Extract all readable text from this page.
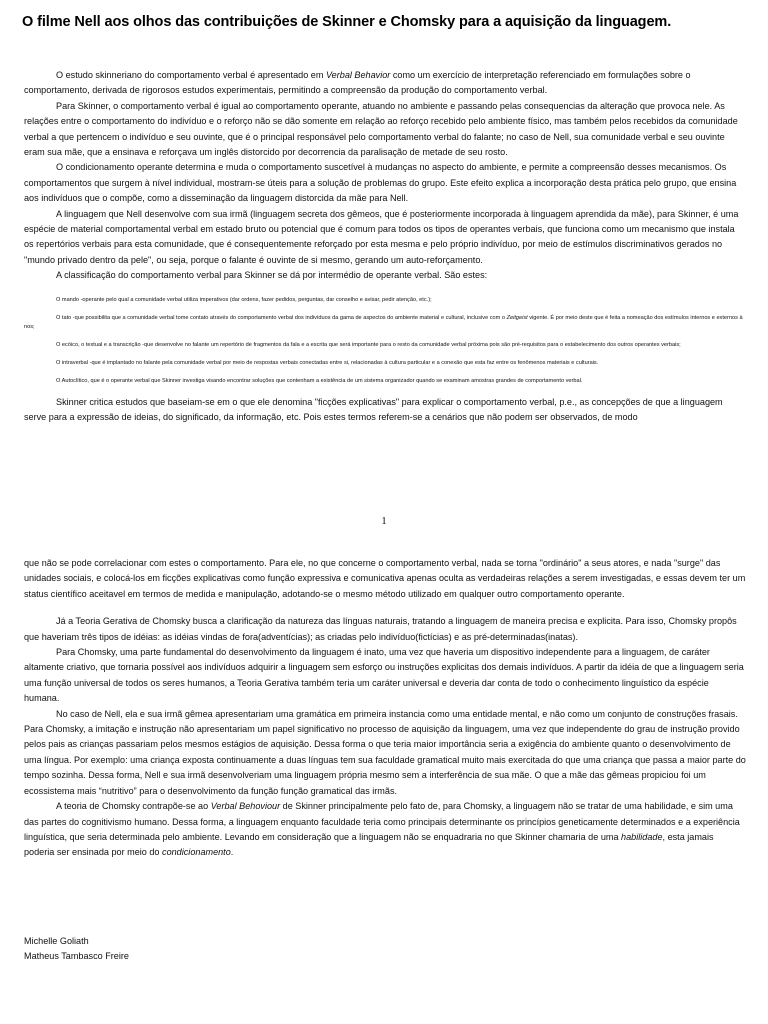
O filme Nell aos olhos das contribuições de Skinner e Chomsky para a aquisição da linguagem.

O estudo skinneriano do comportamento verbal é apresentado em Verbal Behavior como um exercício de interpretação referenciado em formulações sobre o comportamento, derivada de rigorosos estudos experimentais, permitindo a compreensão da produção do comportamento verbal.

Para Skinner, o comportamento verbal é igual ao comportamento operante, atuando no ambiente e passando pelas consequencias da alteração que provoca nele. As relações entre o comportamento do indivíduo e o reforço não se dão somente em relação ao reforço recebido pelo ambiente físico, mas também pelos recebidos da comunidade verbal a que pertencem o indivíduo e seu ouvinte, que é o principal responsável pelo comportamento verbal do falante; no caso de Nell, sua comunidade verbal e seu ouvinte eram sua mãe, que a ensinava e reforçava um inglês distorcido por decorrencia da paralisação de metade de seu rosto.

O condicionamento operante determina e muda o comportamento suscetível à mudanças no aspecto do ambiente, e permite a compreensão desses mecanismos. Os comportamentos que surgem à nível individual, mostram-se úteis para a solução de problemas do grupo. Este efeito explica a incorporação desta prática pelo grupo, que ensina aos indivíduos que o compõe, como a disseminação da linguagem distorcida da mãe para Nell.

A linguagem que Nell desenvolve com sua irmã (linguagem secreta dos gêmeos, que é posteriormente incorporada à linguagem aprendida da mãe), para Skinner, é uma espécie de material comportamental verbal em estado bruto ou potencial que é comum para todos os tipos de operantes verbais, que funciona como um mecanismo que instala os repertórios verbais para esta comunidade, que é consequentemente reforçado por esta mesma e pelo próprio indivíduo, por meio de estímulos discriminativos gerados no "mundo privado dentro da pele", ou seja, porque o falante é ouvinte de si mesmo, gerando um auto-reforçamento.

A classificação do comportamento verbal para Skinner se dá por intermédio de operante verbal. São estes:

O mando -operante pelo qual a comunidade verbal utiliza imperativos (dar ordens, fazer pedidos, perguntas, dar conselho e avisar, pedir atenção, etc.);

O tato -que possibilita que a comunidade verbal tome contato através do comportamento verbal dos indivíduos da gama de aspectos do ambiente material e cultural, inclusive com o Zeitgeist vigente. É por meio deste que é feita a nomeação dos estímulos internos e externos à nos;

O ecóico, o textual e a transcrição -que desenvolve no falante um repertório de fragmentos da fala e a escrita que será importante para o resto da comunidade verbal próxima pois são pré-requisitos para o estabelecimento dos outros operantes verbais;

O intraverbal -que é implantado no falante pela comunidade verbal por meio de respostas verbais conectadas entre si, relacionadas à cultura particular e a conexão que esta faz entre os fenômenos materiais e culturais.

O Autoclítico, que é o operante verbal que Skinner investiga visando encontrar soluções que contenham a existência de um sistema organizador quando se examinam amostras grandes de comportamento verbal.

Skinner critica estudos que baseiam-se em o que ele denomina "ficções explicativas" para explicar o comportamento verbal, p.e., as concepções de que a linguagem serve para a expressão de ideias, do significado, da informação, etc. Pois estes termos referem-se a cenários que não podem ser observados, de modo

1

que não se pode correlacionar com estes o comportamento. Para ele, no que concerne o comportamento verbal, nada se torna "ordinário" a seus atores, e nada "surge" das unidades sociais, e colocá-los em ficções explicativas como função expressiva e comunicativa apenas oculta as verdadeiras relações a serem investigadas, e essas devem ter um status científico aceitavel em termos de medida e manipulação, adotando-se o mesmo método utilizado em qualquer outro comportamento operante.

Já a Teoria Gerativa de Chomsky busca a clarificação da natureza das línguas naturais, tratando a linguagem de maneira precisa e explicita. Para isso, Chomsky propôs que haveriam três tipos de idéias: as idéias vindas de fora(adventícias); as criadas pelo indivíduo(fictícias) e as pré-determinadas(inatas).

Para Chomsky, uma parte fundamental do desenvolvimento da linguagem é inato, uma vez que haveria um dispositivo independente para a linguagem, de caráter altamente criativo, que tornaria possível aos indivíduos adquirir a linguagem sem esforço ou instruções explicitas dos demais indivíduos. A partir da idéia de que a linguagem seria uma função universal de todos os seres humanos, a Teoria Gerativa também teria um caráter universal e deveria dar conta de todo o conhecimento linguístico da espécie humana.

No caso de Nell, ela e sua irmã gêmea apresentariam uma gramática em primeira instancia como uma entidade mental, e não como um conjunto de construções frasais. Para Chomsky, a imitação e instrução não apresentariam um papel significativo no processo de aquisição da linguagem, uma vez que independente do grau de instrução provido pelos pais as crianças passariam pelos mesmos estágios de aquisição. Dessa forma o que teria maior importância seria a exigência do ambiente quanto o desenvolvimento de uma língua. Por exemplo: uma criança exposta continuamente a duas línguas tem sua faculdade gramatical muito mais exercitada do que uma criança que passa a maior parte do tempo sozinha. Dessa forma, Nell e sua irmã desenvolveriam uma linguagem própria mesmo sem a interferência de sua mãe. O que a mãe das gêmeas propiciou foi um ecossistema mais “nutritivo” para o desenvolvimento da função função gramatical das irmãs.

A teoria de Chomsky contrapõe-se ao Verbal Behoviour de Skinner principalmente pelo fato de, para Chomsky, a linguagem não se tratar de uma habilidade, e sim uma das partes do cognitivismo humano. Dessa forma, a linguagem enquanto faculdade teria como principais determinante os princípios geneticamente determinados e a experiência linguística, que seria determinada pelo ambiente. Levando em consideração que a linguagem não se enquadraria no que Skinner chamaria de uma habilidade, esta jamais poderia ser ensinada por meio do condicionamento.

Michelle Goliath
Matheus Tambasco Freire
